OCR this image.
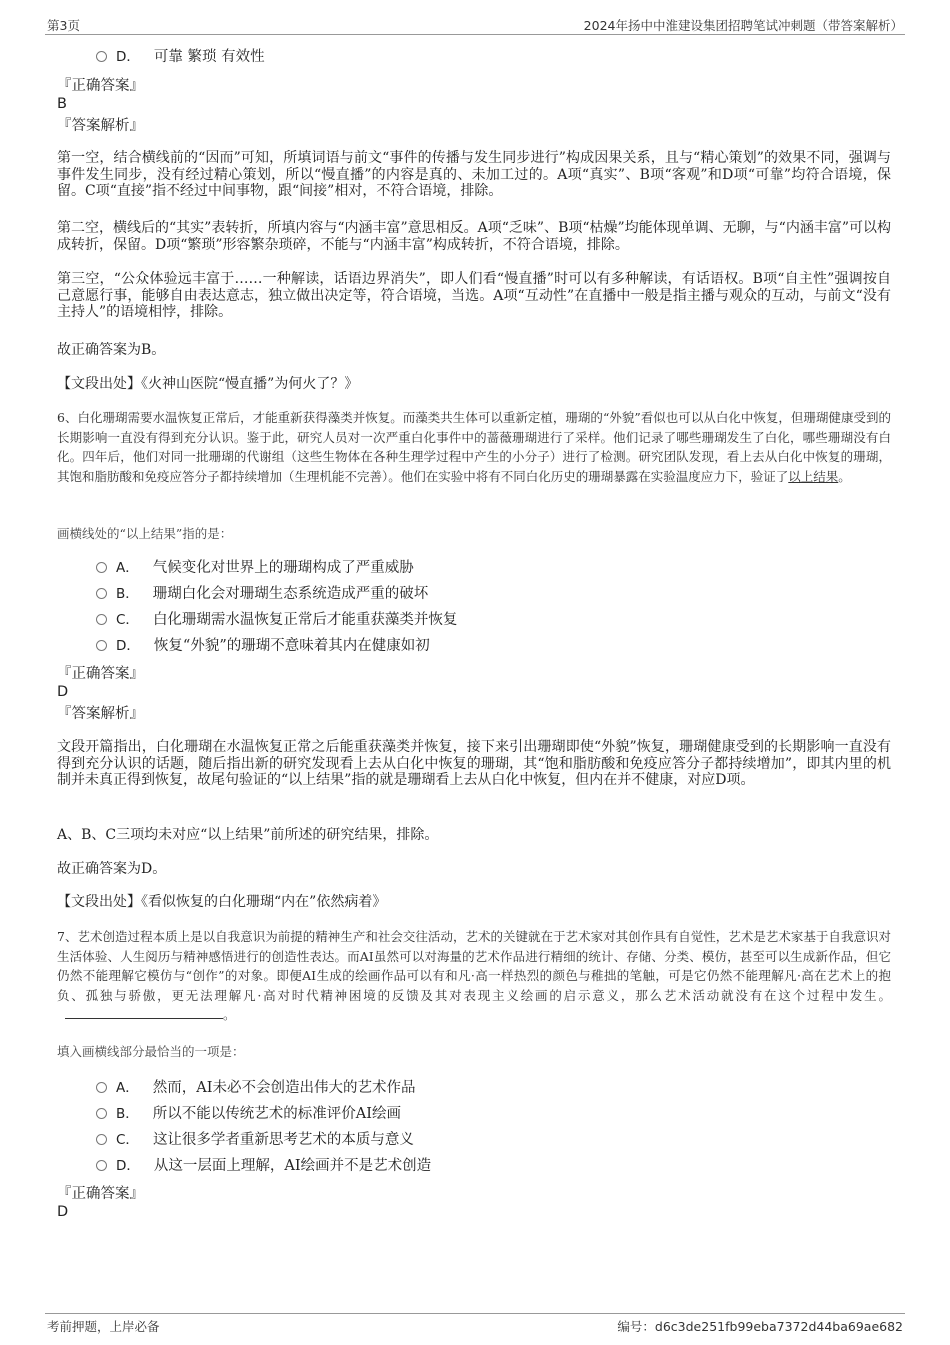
第3页	2024年扬中中淮建设集团招聘笔试冲刺题（带答案解析）
D． 可靠 繁琐 有效性
『正确答案』
B
『答案解析』
第一空，结合横线前的“因而”可知，所填词语与前文“事件的传播与发生同步进行”构成因果关系，且与“精心策划”的效果不同，强调与事件发生同步，没有经过精心策划，所以“慢直播”的内容是真的、未加工过的。A项“真实”、B项“客观”和D项“可靠”均符合语境，保留。C项“直接”指不经过中间事物，跟“间接”相对，不符合语境，排除。
第二空，横线后的“其实”表转折，所填内容与“内涵丰富”意思相反。A项“乏味”、B项“枯燥”均能体现单调、无聊，与“内涵丰富”可以构成转折，保留。D项“繁琐”形容繁杂琐碎，不能与“内涵丰富”构成转折，不符合语境，排除。
第三空，“公众体验远丰富于……一种解读，话语边界消失”，即人们看“慢直播”时可以有多种解读，有话语权。B项“自主性”强调按自己意愿行事，能够自由表达意志，独立做出决定等，符合语境，当选。A项“互动性”在直播中一般是指主播与观众的互动，与前文“没有主持人”的语境相悖，排除。
故正确答案为B。
【文段出处】《火神山医院“慢直播”为何火了？》
6、白化珊瑚需要水温恢复正常后，才能重新获得藻类并恢复。而藻类共生体可以重新定植，珊瑚的“外貌”看似也可以从白化中恢复，但珊瑚健康受到的长期影响一直没有得到充分认识。鉴于此，研究人员对一次严重白化事件中的蔷薇珊瑚进行了采样。他们记录了哪些珊瑚发生了白化，哪些珊瑚没有白化。四年后，他们对同一批珊瑚的代谢组（这些生物体在各种生理学过程中产生的小分子）进行了检测。研究团队发现，看上去从白化中恢复的珊瑚，其饱和脂肪酸和免疫应答分子都持续增加（生理机能不完善）。他们在实验中将有不同白化历史的珊瑚暴露在实验温度应力下，验证了以上结果。
画横线处的“以上结果”指的是：
A． 气候变化对世界上的珊瑚构成了严重威胁
B． 珊瑚白化会对珊瑚生态系统造成严重的破坏
C． 白化珊瑚需水温恢复正常后才能重获藻类并恢复
D． 恢复“外貌”的珊瑚不意味着其内在健康如初
『正确答案』
D
『答案解析』
文段开篇指出，白化珊瑚在水温恢复正常之后能重获藻类并恢复，接下来引出珊瑚即使“外貌”恢复，珊瑚健康受到的长期影响一直没有得到充分认识的话题，随后指出新的研究发现看上去从白化中恢复的珊瑚，其“饱和脂肪酸和免疫应答分子都持续增加”，即其内里的机制并未真正得到恢复，故尾句验证的“以上结果”指的就是珊瑚看上去从白化中恢复，但内在并不健康，对应D项。
A、B、C三项均未对应“以上结果”前所述的研究结果，排除。
故正确答案为D。
【文段出处】《看似恢复的白化珊瑚“内在”依然病着》
7、艺术创造过程本质上是以自我意识为前提的精神生产和社会交往活动，艺术的关键就在于艺术家对其创作具有自觉性，艺术是艺术家基于自我意识对生活体验、人生阅历与精神感悟进行的创造性表达。而AI虽然可以对海量的艺术作品进行精细的统计、存储、分类、模仿，甚至可以生成新作品，但它仍然不能理解它模仿与“创作”的对象。即便AI生成的绘画作品可以有和凡·高一样热烈的颜色与稚拙的笔触，可是它仍然不能理解凡·高在艺术上的抱负、孤独与骄傲，更无法理解凡·高对时代精神困境的反馈及其对表现主义绘画的启示意义，那么艺术活动就没有在这个过程中发生。。
填入画横线部分最恰当的一项是：
A． 然而，AI未必不会创造出伟大的艺术作品
B． 所以不能以传统艺术的标准评价AI绘画
C． 这让很多学者重新思考艺术的本质与意义
D． 从这一层面上理解，AI绘画并不是艺术创造
『正确答案』
D
考前押题，上岸必备	编号：d6c3de251fb99eba7372d44ba69ae682
